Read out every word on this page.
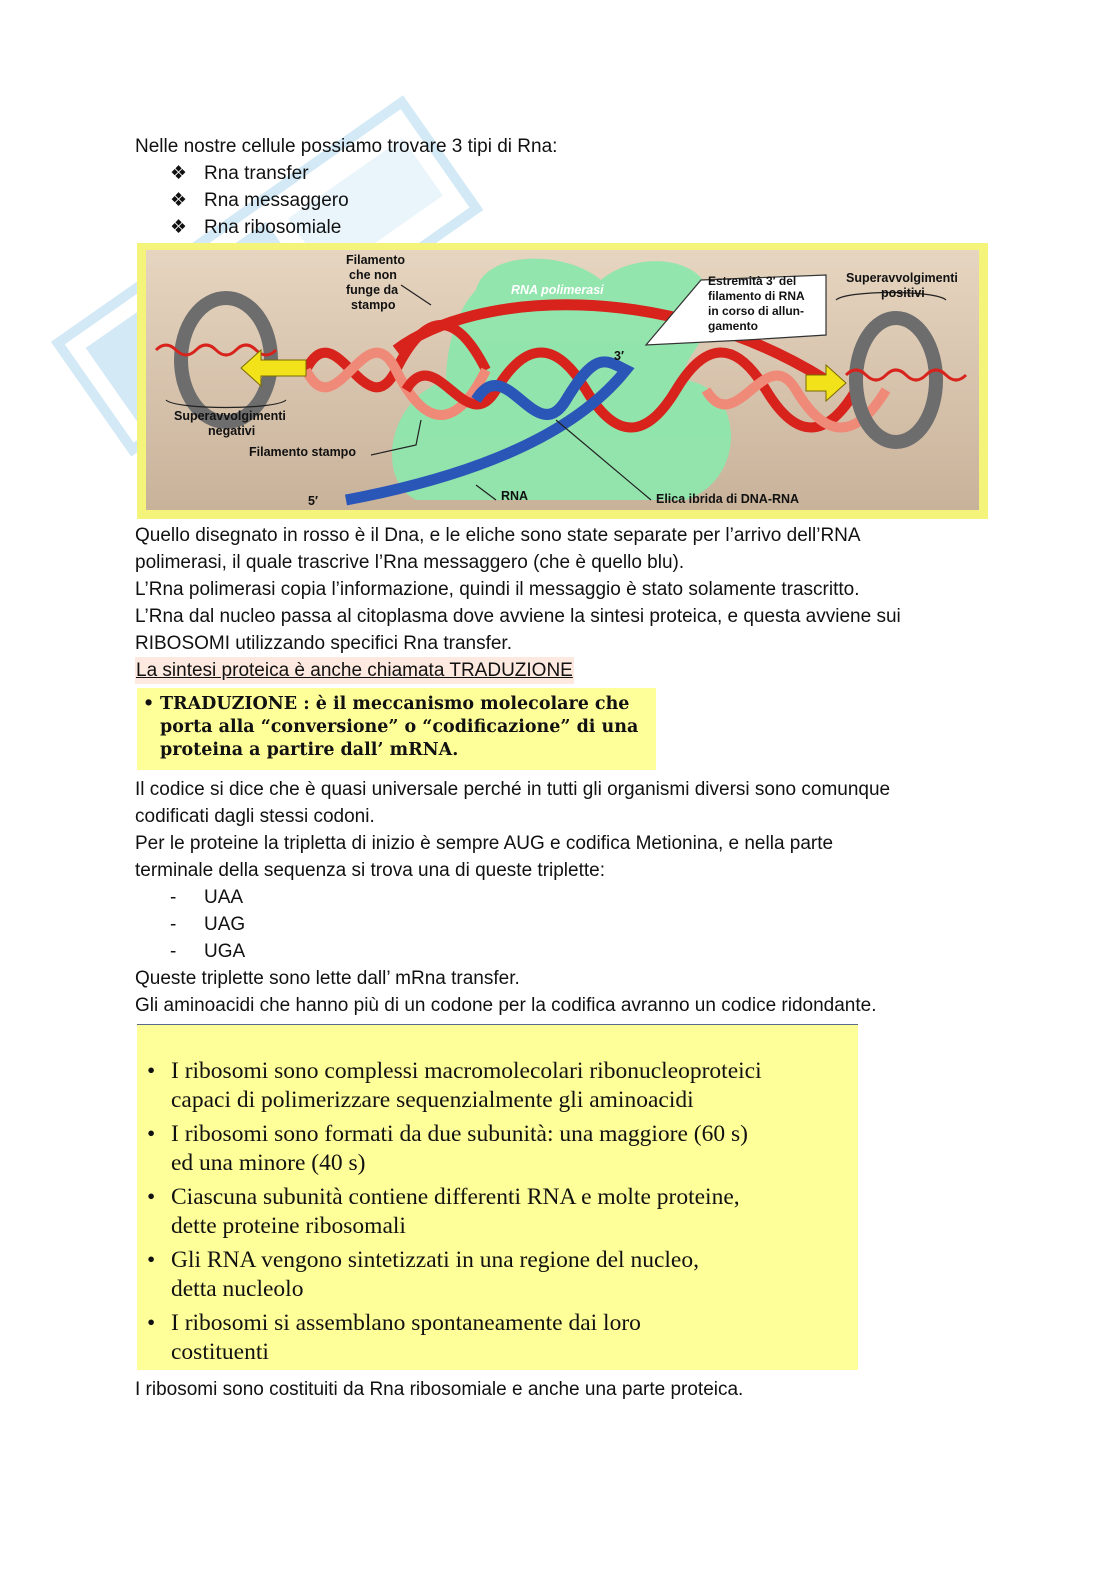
Nelle nostre cellule possiamo trovare 3 tipi di Rna:
❖ Rna transfer
❖ Rna messaggero
❖ Rna ribosomiale
Filamento
che non
funge da
stampo
RNA polimerasi
Estremità 3′ del
filamento di RNA
in corso di allun-
gamento
Superavvolgimenti
positivi
Superavvolgimenti
negativi
Filamento stampo
3′
5′	RNA	Elica ibrida di DNA-RNA
Quello disegnato in rosso è il Dna, e le eliche sono state separate per l’arrivo dell’RNA
polimerasi, il quale trascrive l’Rna messaggero (che è quello blu).
L’Rna polimerasi copia l’informazione, quindi il messaggio è stato solamente trascritto.
L’Rna dal nucleo passa al citoplasma dove avviene la sintesi proteica, e questa avviene sui
RIBOSOMI utilizzando specifici Rna transfer.
La sintesi proteica è anche chiamata TRADUZIONE
• TRADUZIONE : è il meccanismo molecolare che
porta alla “conversione” o “codificazione” di una
proteina a partire dall’ mRNA.
Il codice si dice che è quasi universale perché in tutti gli organismi diversi sono comunque
codificati dagli stessi codoni.
Per le proteine la tripletta di inizio è sempre AUG e codifica Metionina, e nella parte
terminale della sequenza si trova una di queste triplette:
-	UAA
-	UAG
-	UGA
Queste triplette sono lette dall’ mRna transfer.
Gli aminoacidi che hanno più di un codone per la codifica avranno un codice ridondante.
• I ribosomi sono complessi macromolecolari ribonucleoproteici
capaci di polimerizzare sequenzialmente gli aminoacidi
• I ribosomi sono formati da due subunità: una maggiore (60 s)
ed una minore (40 s)
• Ciascuna subunità contiene differenti RNA e molte proteine,
dette proteine ribosomali
• Gli RNA vengono sintetizzati in una regione del nucleo,
detta nucleolo
• I ribosomi si assemblano spontaneamente dai loro
costituenti
I ribosomi sono costituiti da Rna ribosomiale e anche una parte proteica.
